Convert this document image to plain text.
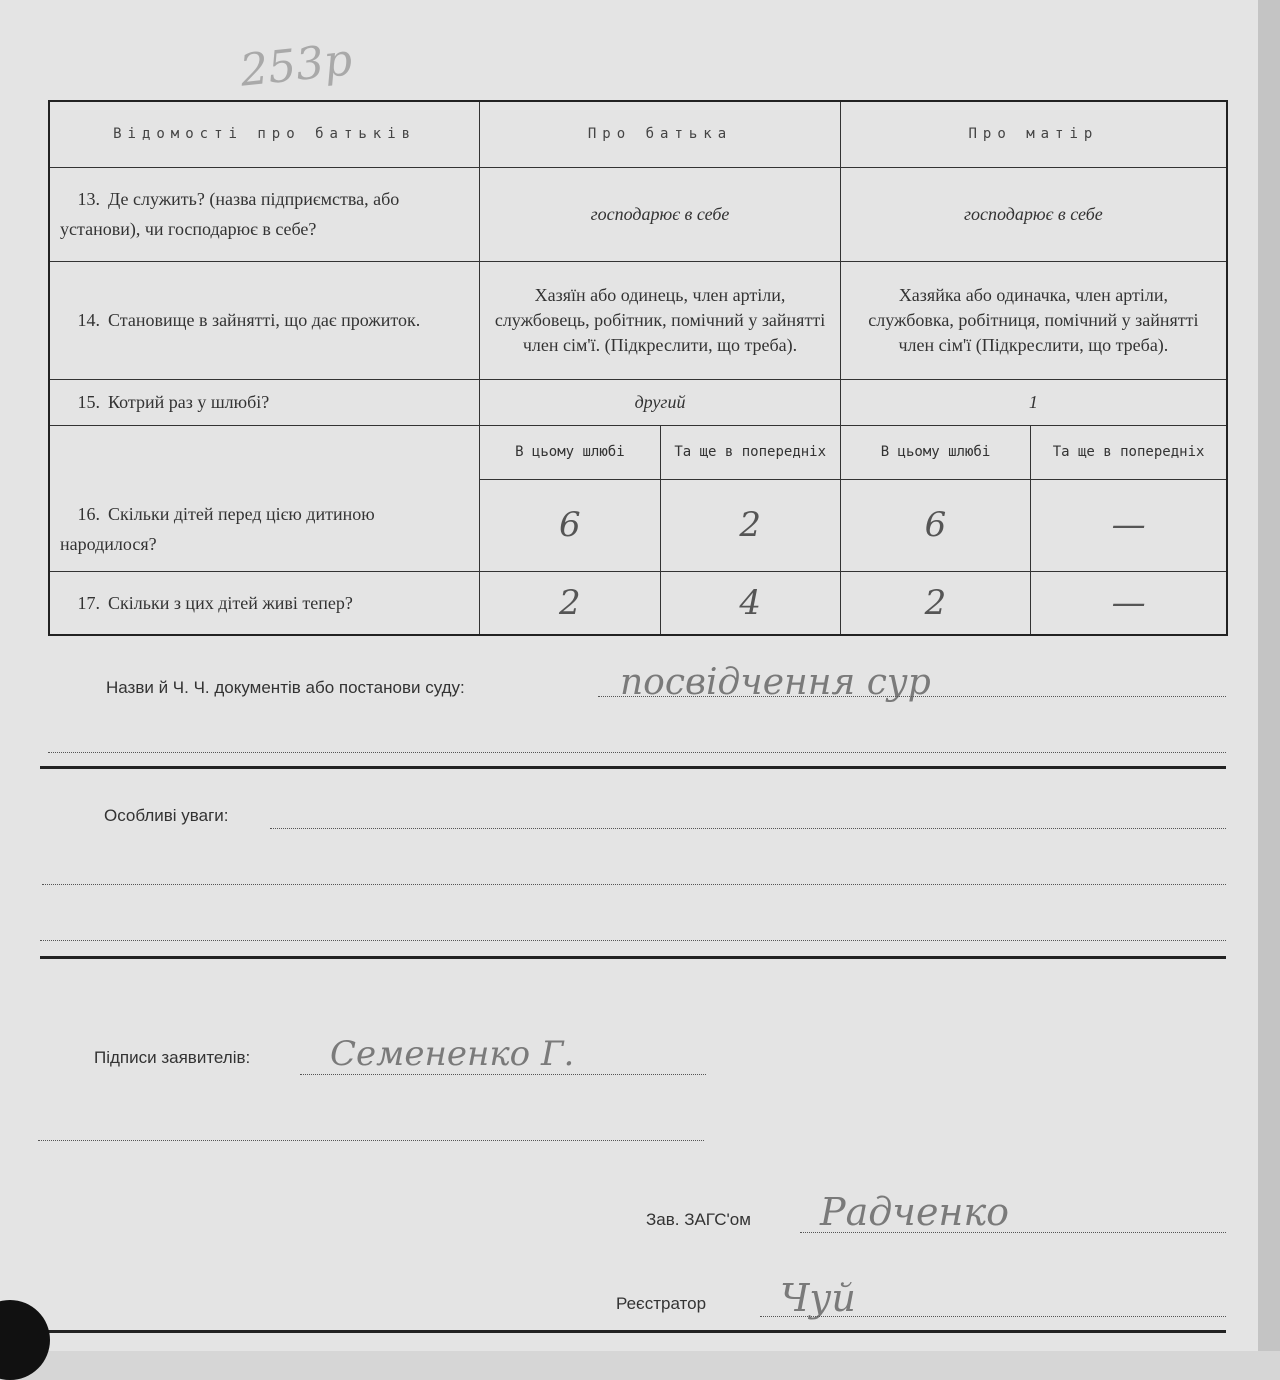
253р
Відомості про батьків	Про батька		Про матір	
13. Де служить? (назва підприємства, або установи), чи господарює в себе?	господарює в себе		господарює в себе	
14. Становище в зайнятті, що дає прожиток.	Хазяїн або одинець, член артіли, службовець, робітник, помічний у зайнятті член сім'ї. (Підкреслити, що треба).		Хазяйка або одиначка, член артіли, службовка, робітниця, помічний у зайнятті член сім'ї (Підкреслити, що треба).	
15. Котрий раз у шлюбі?	другий		1	
16. Скільки дітей перед цією дитиною народилося?	В цьому шлюбі	Та ще в попередніх	В цьому шлюбі	Та ще в попередніх
	6	2	6	—
17. Скільки з цих дітей живі тепер?	2	4	2	—
Назви й Ч. Ч. документів або постанови суду:	посвідчення сур
Особливі уваги:
Підписи заявителів: Семененко Г.
Зав. ЗАГС'ом Радченко
Реєстратор Чуй
